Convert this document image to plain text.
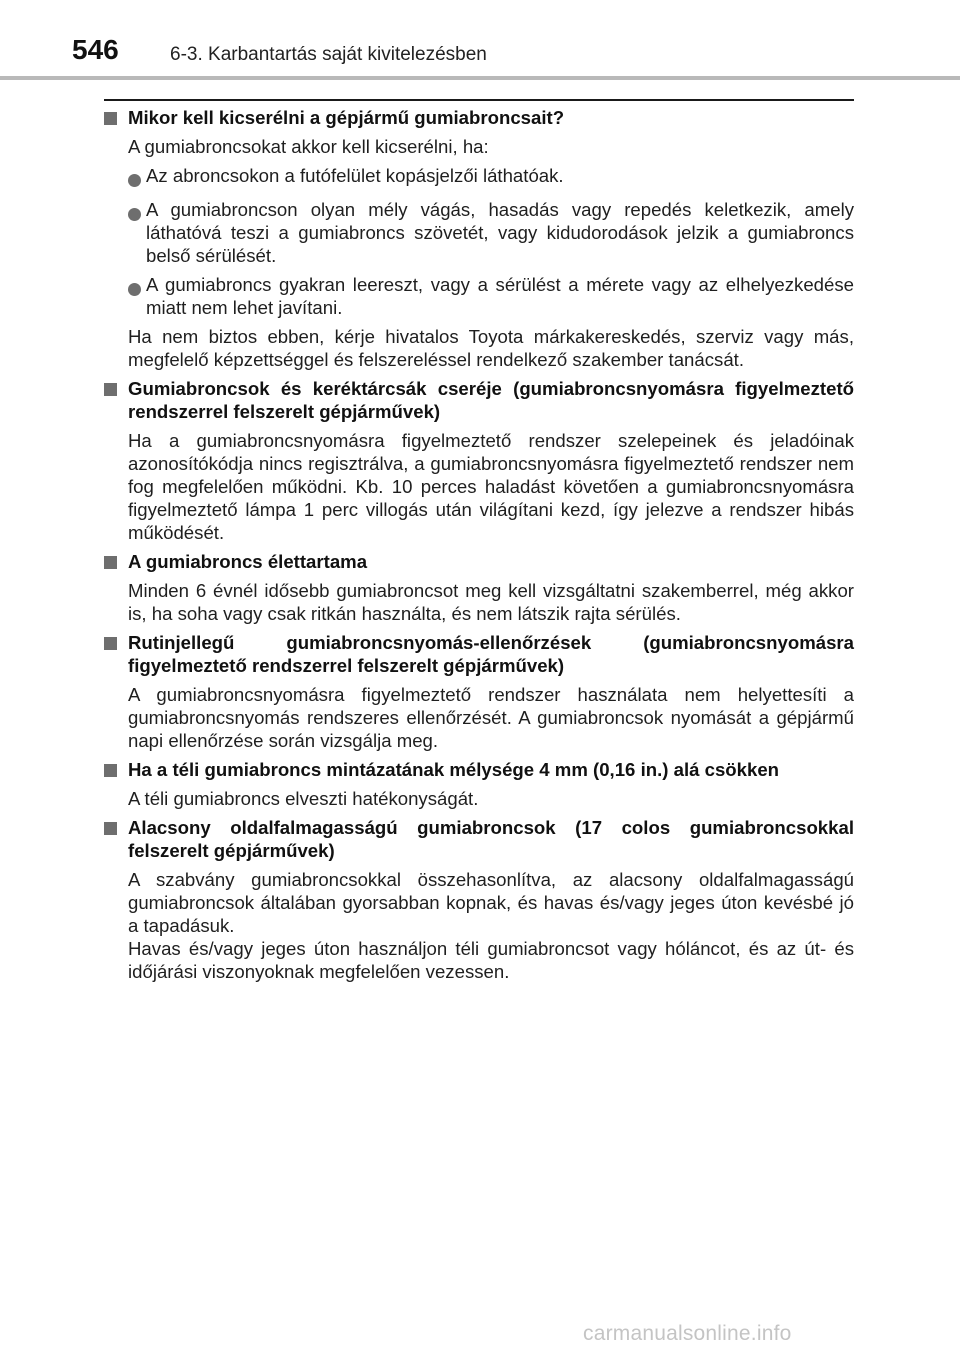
546	6-3. Karbantartás saját kivitelezésben
Mikor kell kicserélni a gépjármű gumiabroncsait?
A gumiabroncsokat akkor kell kicserélni, ha:
Az abroncsokon a futófelület kopásjelzői láthatóak.
A gumiabroncson olyan mély vágás, hasadás vagy repedés keletkezik, amely láthatóvá teszi a gumiabroncs szövetét, vagy kidudorodások jelzik a gumiabroncs belső sérülését.
A gumiabroncs gyakran leereszt, vagy a sérülést a mérete vagy az elhelyezkedése miatt nem lehet javítani.
Ha nem biztos ebben, kérje hivatalos Toyota márkakereskedés, szerviz vagy más, megfelelő képzettséggel és felszereléssel rendelkező szakember tanácsát.
Gumiabroncsok és keréktárcsák cseréje (gumiabroncsnyomásra figyelmeztető rendszerrel felszerelt gépjárművek)
Ha a gumiabroncsnyomásra figyelmeztető rendszer szelepeinek és jeladóinak azonosítókódja nincs regisztrálva, a gumiabroncsnyomásra figyelmeztető rendszer nem fog megfelelően működni. Kb. 10 perces haladást követően a gumiabroncsnyomásra figyelmeztető lámpa 1 perc villogás után világítani kezd, így jelezve a rendszer hibás működését.
A gumiabroncs élettartama
Minden 6 évnél idősebb gumiabroncsot meg kell vizsgáltatni szakemberrel, még akkor is, ha soha vagy csak ritkán használta, és nem látszik rajta sérülés.
Rutinjellegű gumiabroncsnyomás-ellenőrzések (gumiabroncsnyomásra figyelmeztető rendszerrel felszerelt gépjárművek)
A gumiabroncsnyomásra figyelmeztető rendszer használata nem helyettesíti a gumiabroncsnyomás rendszeres ellenőrzését. A gumiabroncsok nyomását a gépjármű napi ellenőrzése során vizsgálja meg.
Ha a téli gumiabroncs mintázatának mélysége 4 mm (0,16 in.) alá csökken
A téli gumiabroncs elveszti hatékonyságát.
Alacsony oldalfalmagasságú gumiabroncsok (17 colos gumiabroncsokkal felszerelt gépjárművek)
A szabvány gumiabroncsokkal összehasonlítva, az alacsony oldalfalmagasságú gumiabroncsok általában gyorsabban kopnak, és havas és/vagy jeges úton kevésbé jó a tapadásuk.
Havas és/vagy jeges úton használjon téli gumiabroncsot vagy hóláncot, és az út- és időjárási viszonyoknak megfelelően vezessen.
carmanualsonline.info
